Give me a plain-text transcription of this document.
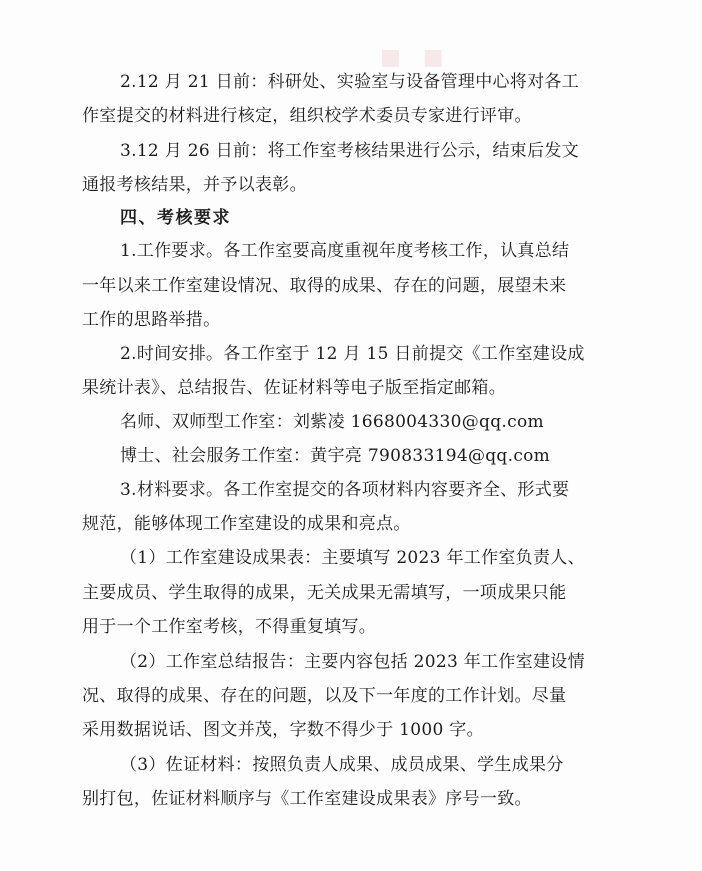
■　■
2.12 月 21 日前：科研处、实验室与设备管理中心将对各工
作室提交的材料进行核定，组织校学术委员专家进行评审。
3.12 月 26 日前：将工作室考核结果进行公示，结束后发文
通报考核结果，并予以表彰。
四、考核要求
1.工作要求。各工作室要高度重视年度考核工作，认真总结
一年以来工作室建设情况、取得的成果、存在的问题，展望未来
工作的思路举措。
2.时间安排。各工作室于 12 月 15 日前提交《工作室建设成
果统计表》、总结报告、佐证材料等电子版至指定邮箱。
名师、双师型工作室：刘紫凌 1668004330@qq.com
博士、社会服务工作室：黄宇亮 790833194@qq.com
3.材料要求。各工作室提交的各项材料内容要齐全、形式要
规范，能够体现工作室建设的成果和亮点。
（1）工作室建设成果表：主要填写 2023 年工作室负责人、
主要成员、学生取得的成果，无关成果无需填写，一项成果只能
用于一个工作室考核，不得重复填写。
（2）工作室总结报告：主要内容包括 2023 年工作室建设情
况、取得的成果、存在的问题，以及下一年度的工作计划。尽量
采用数据说话、图文并茂，字数不得少于 1000 字。
（3）佐证材料：按照负责人成果、成员成果、学生成果分
别打包，佐证材料顺序与《工作室建设成果表》序号一致。
